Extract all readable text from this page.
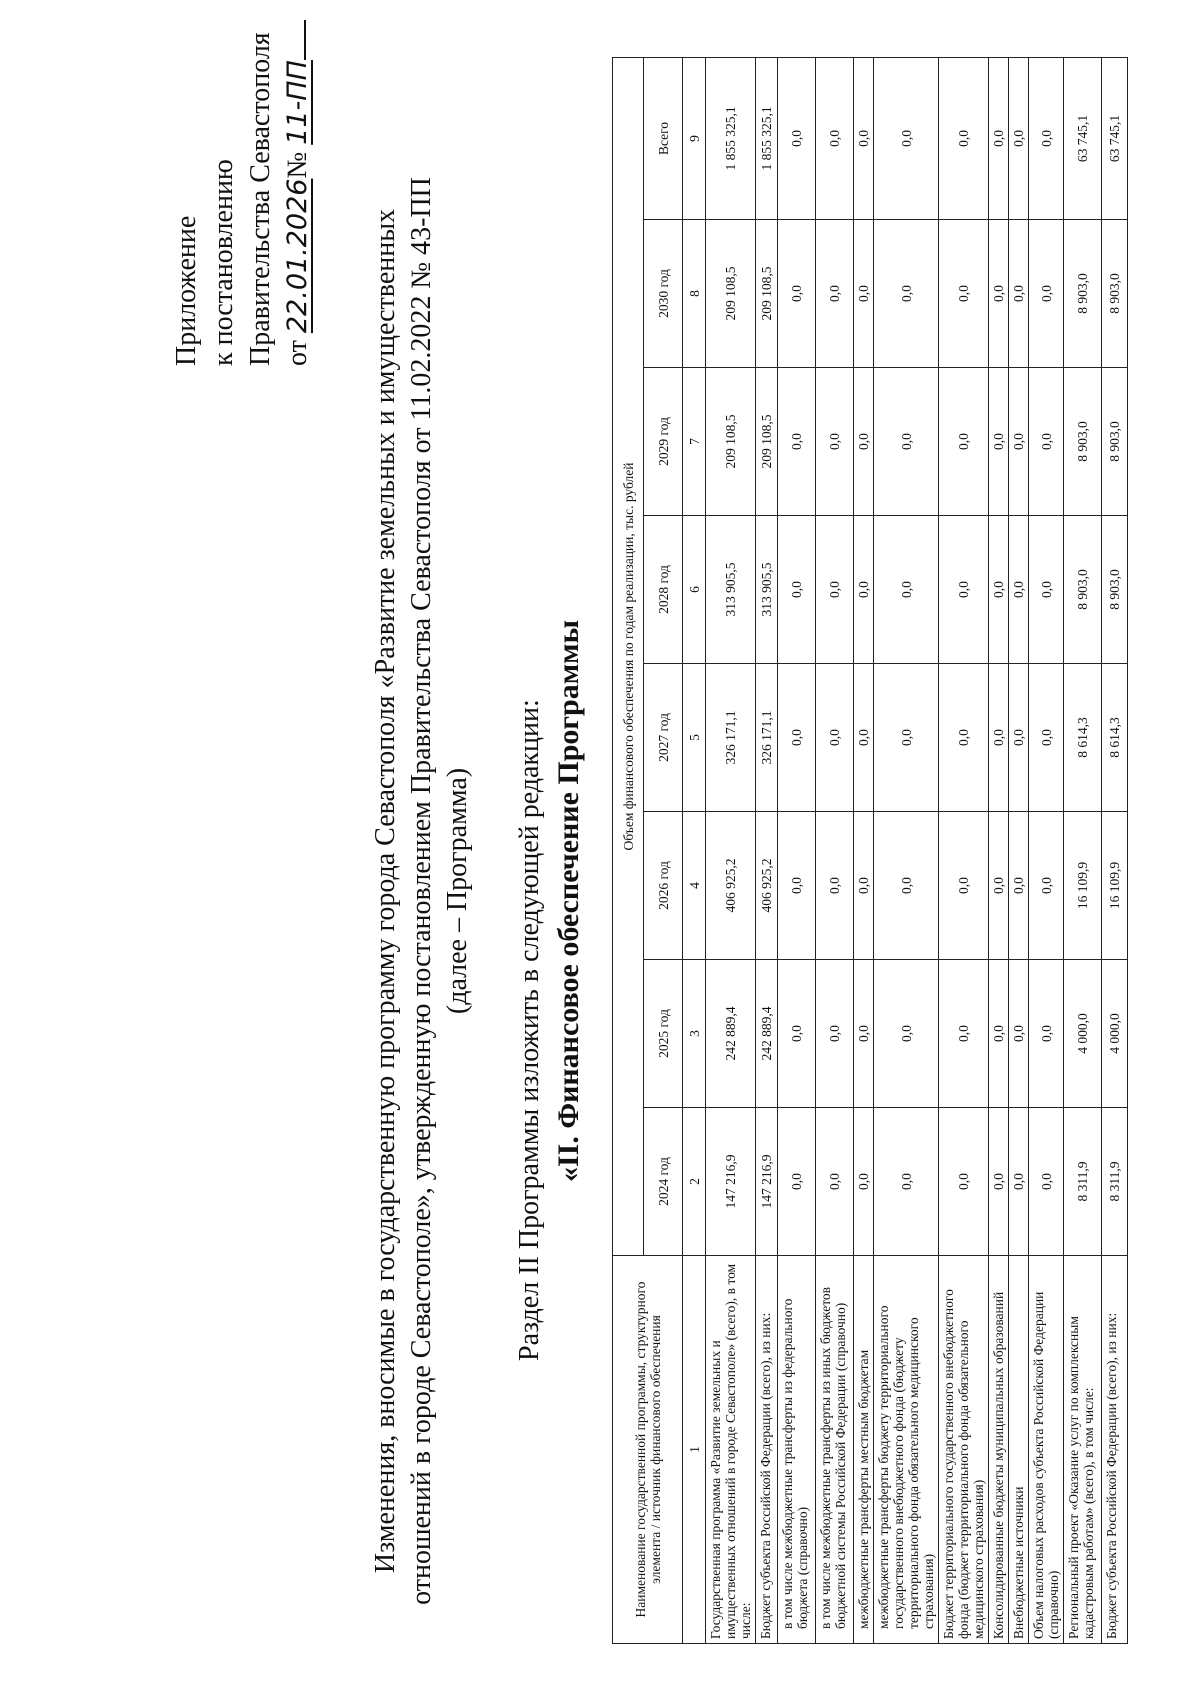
Приложение к постановлению Правительства Севастополя от 22.01.2026№ 11-ПП
Изменения, вносимые в государственную программу города Севастополя «Развитие земельных и имущественных отношений в городе Севастополе», утвержденную постановлением Правительства Севастополя от 11.02.2022 № 43-ПП (далее – Программа) Раздел II Программы изложить в следующей редакции: «II. Финансовое обеспечение Программы
Наименование государственной программы, структурного элемента / источник финансового обеспечения	Объем финансового обеспечения по годам реализации, тыс. рублей							
	2024 год	2025 год	2026 год	2027 год	2028 год	2029 год	2030 год	Всего
1	2	3	4	5	6	7	8	9
Государственная программа «Развитие земельных и имущественных отношений в городе Севастополе» (всего), в том числе:	147 216,9	242 889,4	406 925,2	326 171,1	313 905,5	209 108,5	209 108,5	1 855 325,1
Бюджет субъекта Российской Федерации (всего), из них:	147 216,9	242 889,4	406 925,2	326 171,1	313 905,5	209 108,5	209 108,5	1 855 325,1
в том числе межбюджетные трансферты из федерального бюджета (справочно)	0,0	0,0	0,0	0,0	0,0	0,0	0,0	0,0
в том числе межбюджетные трансферты из иных бюджетов бюджетной системы Российской Федерации (справочно)	0,0	0,0	0,0	0,0	0,0	0,0	0,0	0,0
межбюджетные трансферты местным бюджетам	0,0	0,0	0,0	0,0	0,0	0,0	0,0	0,0
межбюджетные трансферты бюджету территориального государственного внебюджетного фонда (бюджету территориального фонда обязательного медицинского страхования)	0,0	0,0	0,0	0,0	0,0	0,0	0,0	0,0
Бюджет территориального государственного внебюджетного фонда (бюджет территориального фонда обязательного медицинского страхования)	0,0	0,0	0,0	0,0	0,0	0,0	0,0	0,0
Консолидированные бюджеты муниципальных образований	0,0	0,0	0,0	0,0	0,0	0,0	0,0	0,0
Внебюджетные источники	0,0	0,0	0,0	0,0	0,0	0,0	0,0	0,0
Объем налоговых расходов субъекта Российской Федерации (справочно)	0,0	0,0	0,0	0,0	0,0	0,0	0,0	0,0
Региональный проект «Оказание услуг по комплексным кадастровым работам» (всего), в том числе:	8 311,9	4 000,0	16 109,9	8 614,3	8 903,0	8 903,0	8 903,0	63 745,1
Бюджет субъекта Российской Федерации (всего), из них:	8 311,9	4 000,0	16 109,9	8 614,3	8 903,0	8 903,0	8 903,0	63 745,1
